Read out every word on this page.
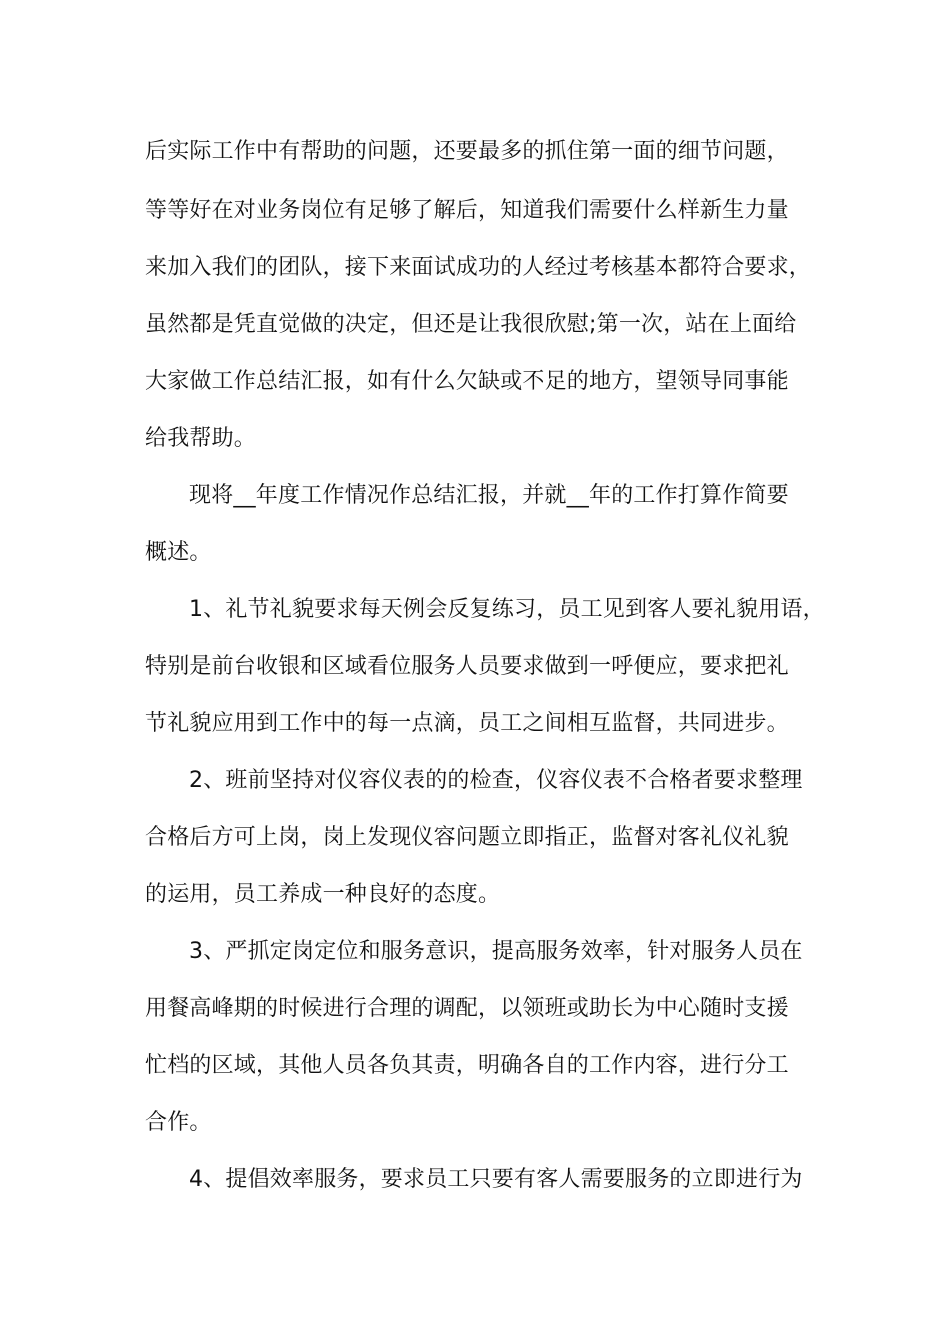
后实际工作中有帮助的问题，还要最多的抓住第一面的细节问题，
等等好在对业务岗位有足够了解后，知道我们需要什么样新生力量
来加入我们的团队，接下来面试成功的人经过考核基本都符合要求，
虽然都是凭直觉做的决定，但还是让我很欣慰;第一次，站在上面给
大家做工作总结汇报，如有什么欠缺或不足的地方，望领导同事能
给我帮助。
现将__年度工作情况作总结汇报，并就__年的工作打算作简要
概述。
1、礼节礼貌要求每天例会反复练习，员工见到客人要礼貌用语，
特别是前台收银和区域看位服务人员要求做到一呼便应，要求把礼
节礼貌应用到工作中的每一点滴，员工之间相互监督，共同进步。
2、班前坚持对仪容仪表的的检查，仪容仪表不合格者要求整理
合格后方可上岗，岗上发现仪容问题立即指正，监督对客礼仪礼貌
的运用，员工养成一种良好的态度。
3、严抓定岗定位和服务意识，提高服务效率，针对服务人员在
用餐高峰期的时候进行合理的调配，以领班或助长为中心随时支援
忙档的区域，其他人员各负其责，明确各自的工作内容，进行分工
合作。
4、提倡效率服务，要求员工只要有客人需要服务的立即进行为
